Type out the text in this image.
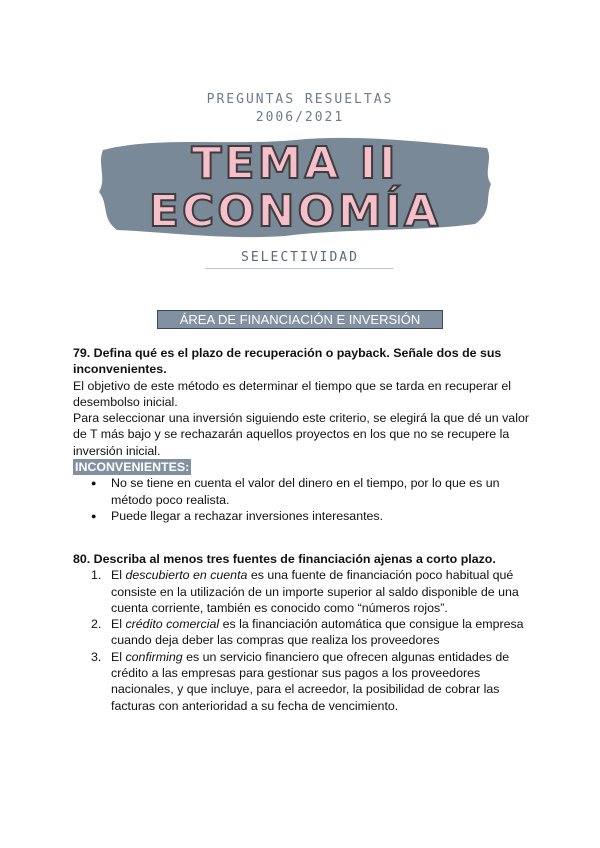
PREGUNTAS RESUELTAS
2006/2021
TEMA II
ECONOMÍA
SELECTIVIDAD
ÁREA DE FINANCIACIÓN E INVERSIÓN
79. Defina qué es el plazo de recuperación o payback. Señale dos de sus inconvenientes.
El objetivo de este método es determinar el tiempo que se tarda en recuperar el desembolso inicial.
Para seleccionar una inversión siguiendo este criterio, se elegirá la que dé un valor de T más bajo y se rechazarán aquellos proyectos en los que no se recupere la inversión inicial.
INCONVENIENTES:
● No se tiene en cuenta el valor del dinero en el tiempo, por lo que es un método poco realista.
● Puede llegar a rechazar inversiones interesantes.
80. Describa al menos tres fuentes de financiación ajenas a corto plazo.
1. El descubierto en cuenta es una fuente de financiación poco habitual qué consiste en la utilización de un importe superior al saldo disponible de una cuenta corriente, también es conocido como “números rojos”.
2. El crédito comercial es la financiación automática que consigue la empresa cuando deja deber las compras que realiza los proveedores
3. El confirming es un servicio financiero que ofrecen algunas entidades de crédito a las empresas para gestionar sus pagos a los proveedores nacionales, y que incluye, para el acreedor, la posibilidad de cobrar las facturas con anterioridad a su fecha de vencimiento.
